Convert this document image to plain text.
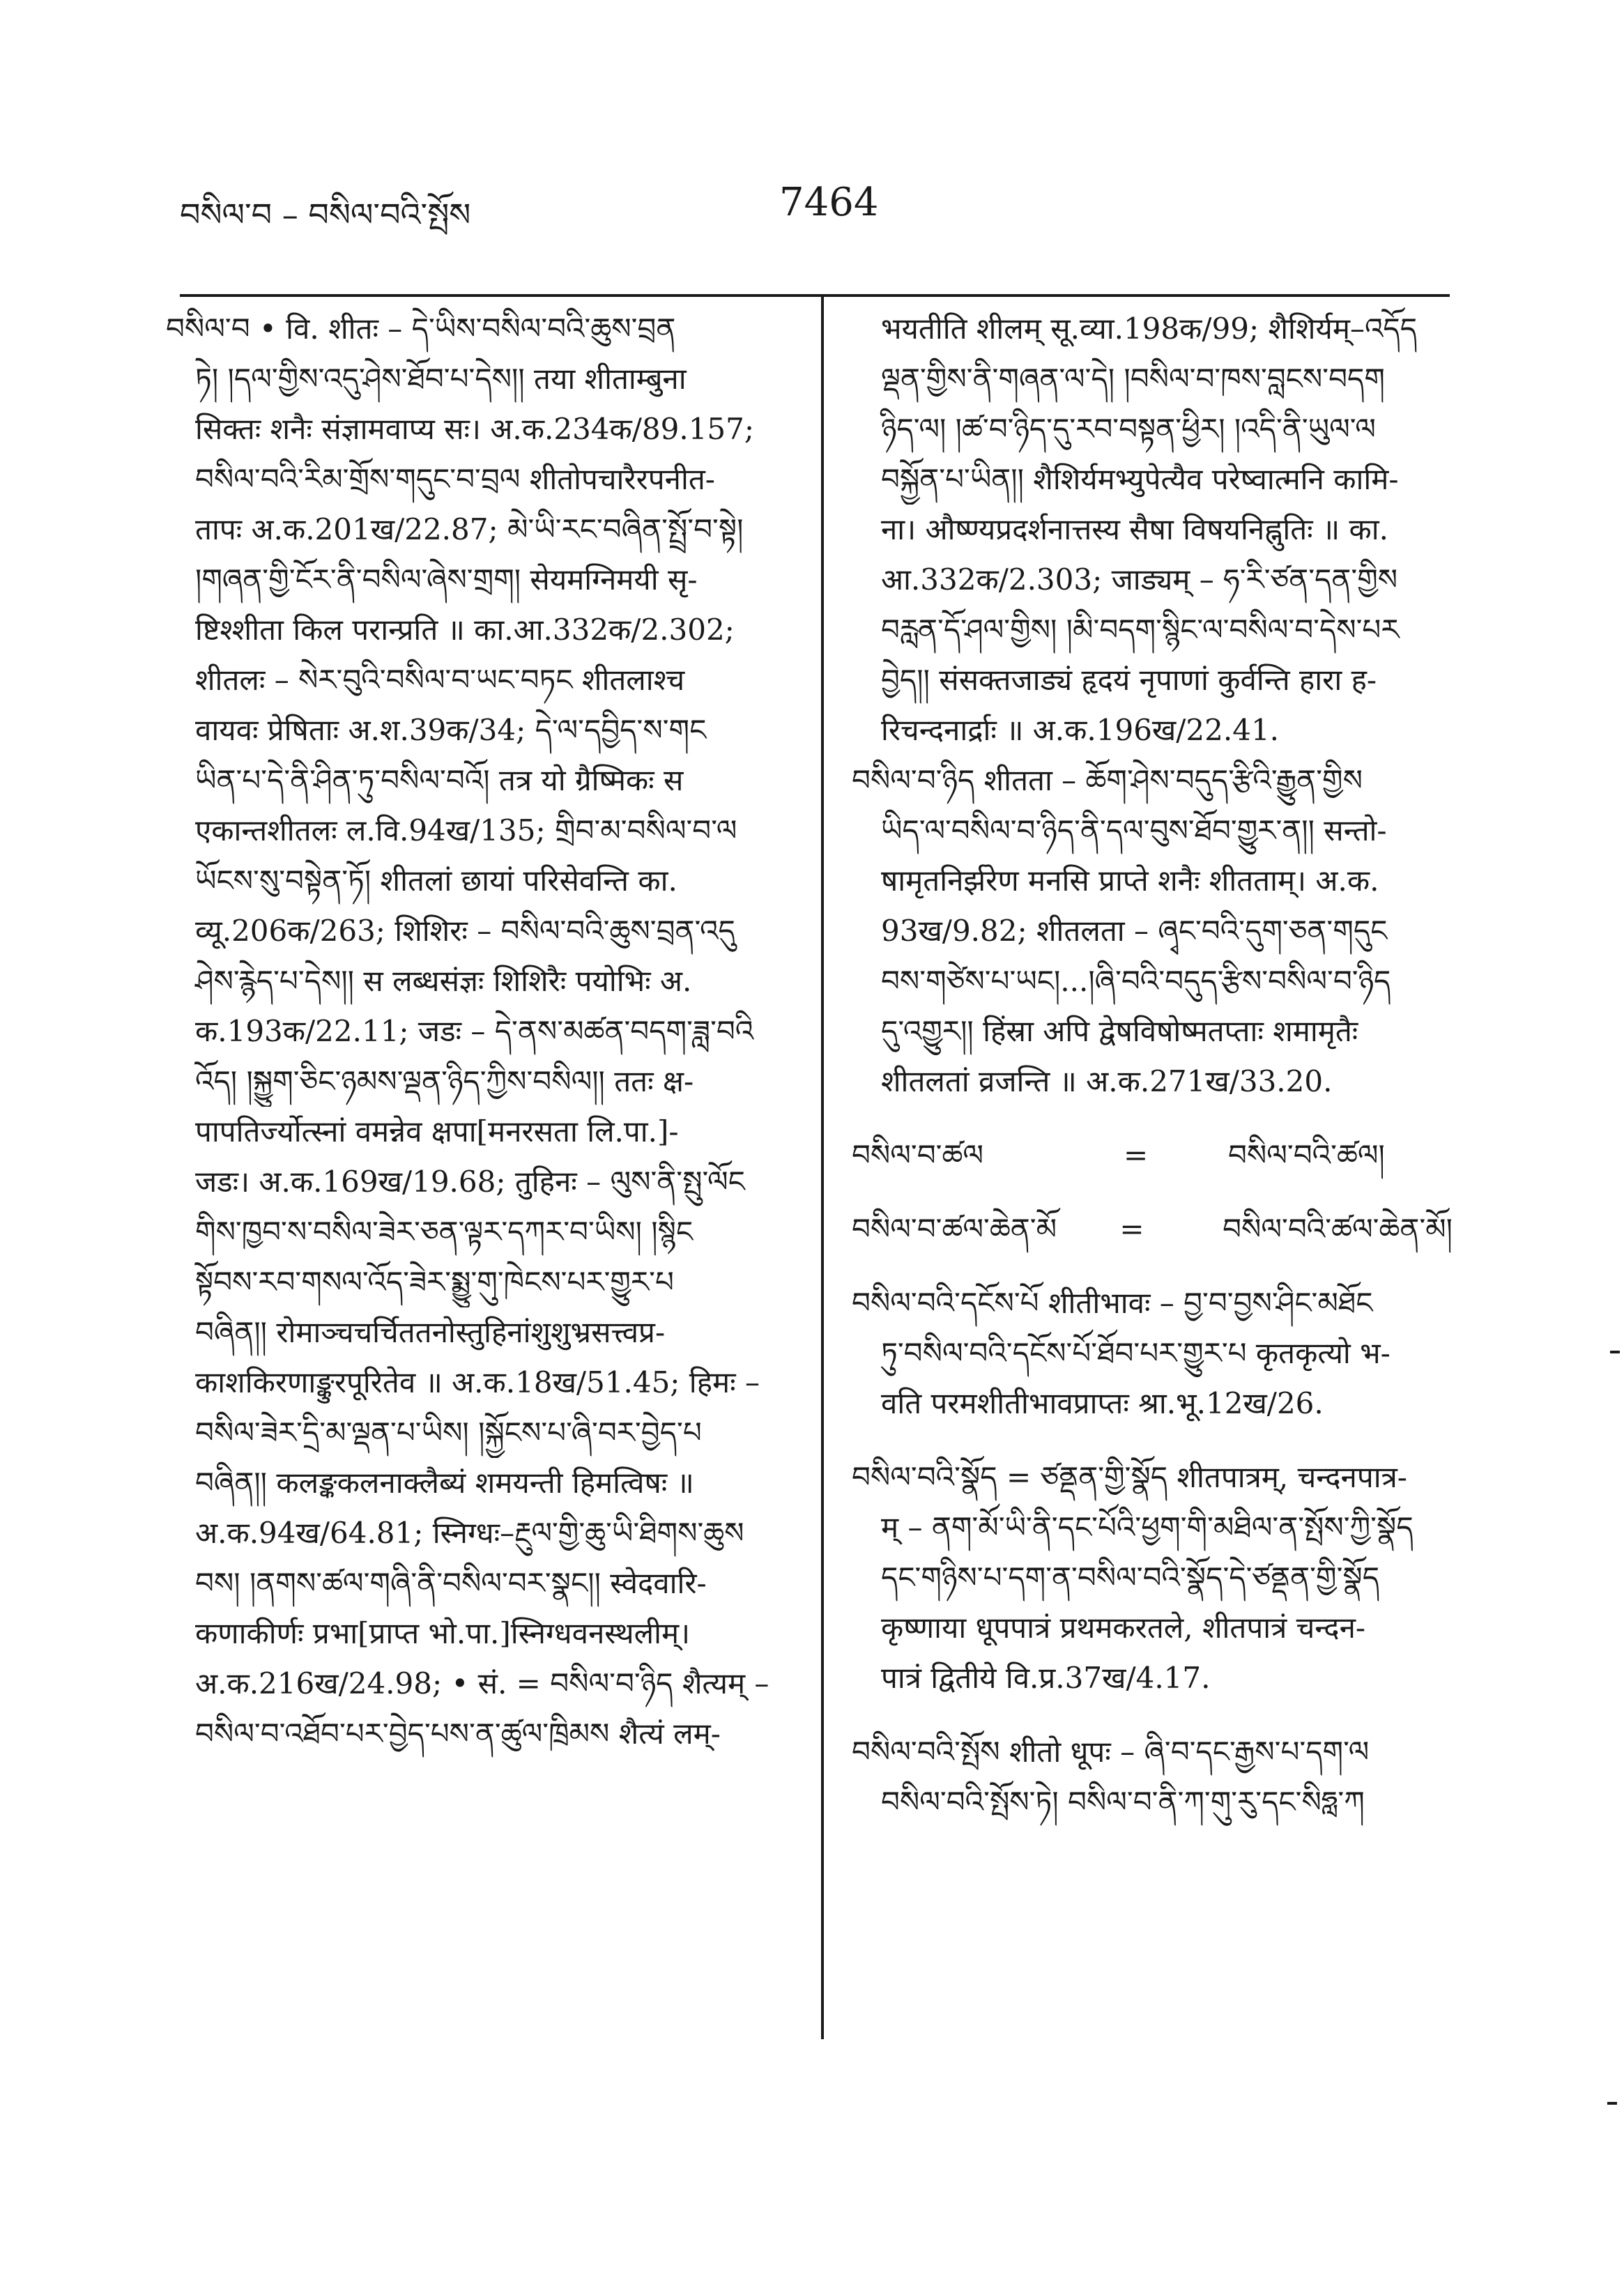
བསིལ་བ – བསིལ་བའི་སྤོས	7464
བསིལ་བ • वि. शीतः – དེ་ཡིས་བསིལ་བའི་ཆུས་བྲན
ཏེ། །དལ་གྱིས་འདུ་ཤེས་ཐོབ་པ་དེས།། तया शीताम्बुना
सिक्तः शनैः संज्ञामवाप्य सः। अ.क.234क/89.157;
བསིལ་བའི་རིམ་གྲོས་གདུང་བ་བྲལ शीतोपचारैरपनीत-
तापः अ.क.201ख/22.87; མེ་ཡི་རང་བཞིན་སྤྲོ་བ་སྟེ།
།གཞན་གྱི་ངོར་ནི་བསིལ་ཞེས་གྲག། सेयमग्निमयी सृ-
ष्टिश्शीता किल परान्प्रति ॥ का.आ.332क/2.302;
शीतलः – སེར་བུའི་བསིལ་བ་ཡང་བཏང शीतलाश्च
वायवः प्रेषिताः अ.श.39क/34; དེ་ལ་དབྱིད་ས་གང
ཡིན་པ་དེ་ནི་ཤིན་ཏུ་བསིལ་བའོ། तत्र यो ग्रैष्मिकः स
एकान्तशीतलः ल.वि.94ख/135; གྲིབ་མ་བསིལ་བ་ལ
ཡོངས་སུ་བསྟེན་ཏོ། शीतलां छायां परिसेवन्ति का.
व्यू.206क/263; शिशिरः – བསིལ་བའི་ཆུས་བྲན་འདུ
ཤེས་རྙེད་པ་དེས།། स लब्धसंज्ञः शिशिरैः पयोभिः अ.
क.193क/22.11; जडः – དེ་ནས་མཚན་བདག་ཟླ་བའི
འོད། །སྐྱུག་ཅིང་ཉམས་ལྡན་ཉིད་ཀྱིས་བསིལ།། ततः क्ष-
पापतिर्ज्योत्स्नां वमन्नेव क्षपा[मनरसता लि.पा.]-
जडः। अ.क.169ख/19.68; तुहिनः – ལུས་ནི་སྤུ་ལོང
གིས་ཁྱབ་ས་བསིལ་ཟེར་ཅན་ལྟར་དཀར་བ་ཡིས། །སྙིང
སྟོབས་རབ་གསལ་འོད་ཟེར་སྨྱུ་གུ་ཁེངས་པར་གྱུར་པ
བཞིན།། रोमाञ्चचर्चिततनोस्तुहिनांशुशुभ्रसत्त्वप्र-
काशकिरणाङ्कुरपूरितेव ॥ अ.क.18ख/51.45; हिमः –
བསིལ་ཟེར་དྲི་མ་ལྡན་པ་ཡིས། །སྐྱོངས་པ་ཞི་བར་བྱེད་པ
བཞིན།། कलङ्ककलनाक्लैब्यं शमयन्ती हिमत्विषः ॥
अ.क.94ख/64.81; स्निग्धः–རྔུལ་གྱི་ཆུ་ཡི་ཐིགས་ཆུས
བས། །ནགས་ཚལ་གཞི་ནི་བསིལ་བར་སྣང།། स्वेदवारि-
कणाकीर्णः प्रभा[प्राप्त भो.पा.]स्निग्धवनस्थलीम्।
अ.क.216ख/24.98; • सं. = བསིལ་བ་ཉིད शैत्यम् –
བསིལ་བ་འཐོབ་པར་བྱེད་པས་ན་ཚུལ་ཁྲིམས शैत्यं लम्-
भयतीति शीलम् सू.व्या.198क/99; शैशिर्यम्–འདོད
ལྡན་གྱིས་ནི་གཞན་ལ་དེ། །བསིལ་བ་ཁས་བླངས་བདག
ཉིད་ལ། །ཚ་བ་ཉིད་དུ་རབ་བསྟན་ཕྱིར། །འདི་ནི་ཡུལ་ལ
བསྐྱོན་པ་ཡིན།། शैशिर्यमभ्युपेत्यैव परेष्वात्मनि कामि-
ना। औष्ण्यप्रदर्शनात्तस्य सैषा विषयनिह्नुतिः ॥ का.
आ.332क/2.303; जाड्यम् – ཧ་རི་ཙན་དན་གྱིས
བརླན་དོ་ཤལ་གྱིས། །མི་བདག་སྙིང་ལ་བསིལ་བ་དེས་པར
བྱེད།། संसक्तजाड्यं हृदयं नृपाणां कुर्वन्ति हारा ह-
रिचन्दनार्द्राः ॥ अ.क.196ख/22.41.
བསིལ་བ་ཉིད शीतता – ཆོག་ཤེས་བདུད་རྩིའི་རྒྱུན་གྱིས
ཡིད་ལ་བསིལ་བ་ཉིད་ནི་དལ་བུས་ཐོབ་གྱུར་ན།། सन्तो-
षामृतनिर्झरेण मनसि प्राप्ते शनैः शीतताम्। अ.क.
93ख/9.82; शीतलता – ཞྭང་བའི་དུག་ཅན་གདུང
བས་གཙེས་པ་ཡང།...།ཞི་བའི་བདུད་རྩིས་བསིལ་བ་ཉིད
དུ་འགྱུར།། हिंस्रा अपि द्वेषविषोष्मतप्ताः शमामृतैः
शीतलतां व्रजन्ति ॥ अ.क.271ख/33.20.
བསིལ་བ་ཚལ	=	བསིལ་བའི་ཚལ།
བསིལ་བ་ཚལ་ཆེན་མོ	=	བསིལ་བའི་ཚལ་ཆེན་མོ།
བསིལ་བའི་དངོས་པོ शीतीभावः – བྱ་བ་བྱས་ཤིང་མཐོང
ཏུ་བསིལ་བའི་དངོས་པོ་ཐོབ་པར་གྱུར་པ कृतकृत्यो भ-
वति परमशीतीभावप्राप्तः श्रा.भू.12ख/26.
བསིལ་བའི་སྣོད = ཙནྡན་གྱི་སྣོད शीतपात्रम्, चन्दनपात्र-
म् – ནག་མོ་ཡི་ནི་དང་པོའི་ཕྱག་གི་མཐིལ་ན་སྤོས་ཀྱི་སྣོད
དང་གཉིས་པ་དག་ན་བསིལ་བའི་སྣོད་དེ་ཙནྡན་གྱི་སྣོད
कृष्णाया धूपपात्रं प्रथमकरतले, शीतपात्रं चन्दन-
पात्रं द्वितीये वि.प्र.37ख/4.17.
བསིལ་བའི་སྤོས शीतो धूपः – ཞི་བ་དང་རྒྱས་པ་དག་ལ
བསིལ་བའི་སྤོས་ཏེ། བསིལ་བ་ནི་ཀ་གུ་རུ་དང་སིཧླ་ཀ
